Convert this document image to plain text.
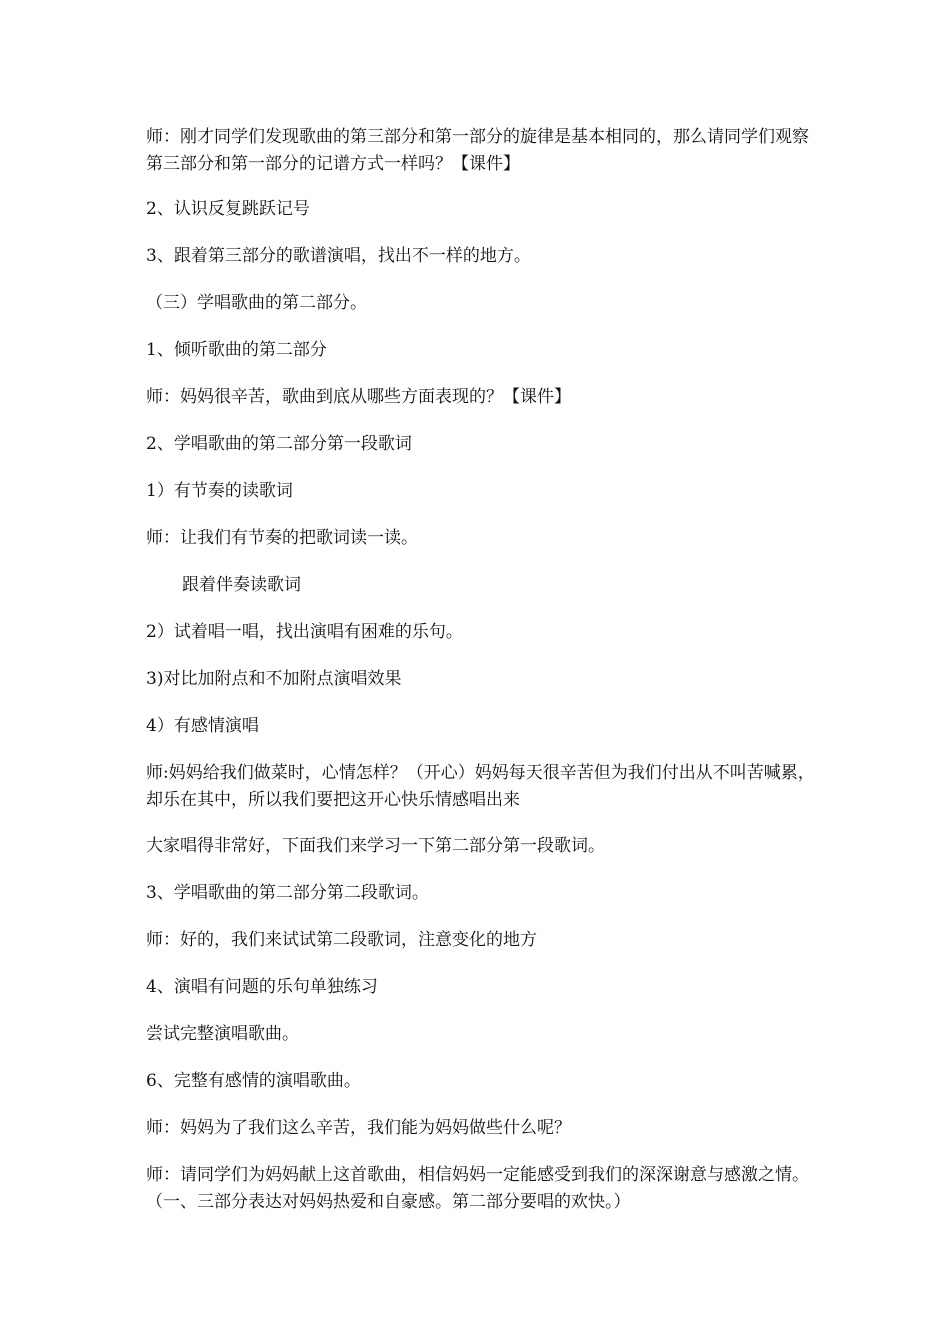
师：刚才同学们发现歌曲的第三部分和第一部分的旋律是基本相同的，那么请同学们观察第三部分和第一部分的记谱方式一样吗？【课件】

2、认识反复跳跃记号

3、跟着第三部分的歌谱演唱，找出不一样的地方。

（三）学唱歌曲的第二部分。

1、倾听歌曲的第二部分

师：妈妈很辛苦，歌曲到底从哪些方面表现的？【课件】

2、学唱歌曲的第二部分第一段歌词

1）有节奏的读歌词

师：让我们有节奏的把歌词读一读。

跟着伴奏读歌词

2）试着唱一唱，找出演唱有困难的乐句。

3)对比加附点和不加附点演唱效果

4）有感情演唱

师:妈妈给我们做菜时，心情怎样？（开心）妈妈每天很辛苦但为我们付出从不叫苦喊累，却乐在其中，所以我们要把这开心快乐情感唱出来

大家唱得非常好，下面我们来学习一下第二部分第一段歌词。

3、学唱歌曲的第二部分第二段歌词。

师：好的，我们来试试第二段歌词，注意变化的地方

4、演唱有问题的乐句单独练习

尝试完整演唱歌曲。

6、完整有感情的演唱歌曲。

师：妈妈为了我们这么辛苦，我们能为妈妈做些什么呢？

师：请同学们为妈妈献上这首歌曲，相信妈妈一定能感受到我们的深深谢意与感激之情。（一、三部分表达对妈妈热爱和自豪感。第二部分要唱的欢快。）
